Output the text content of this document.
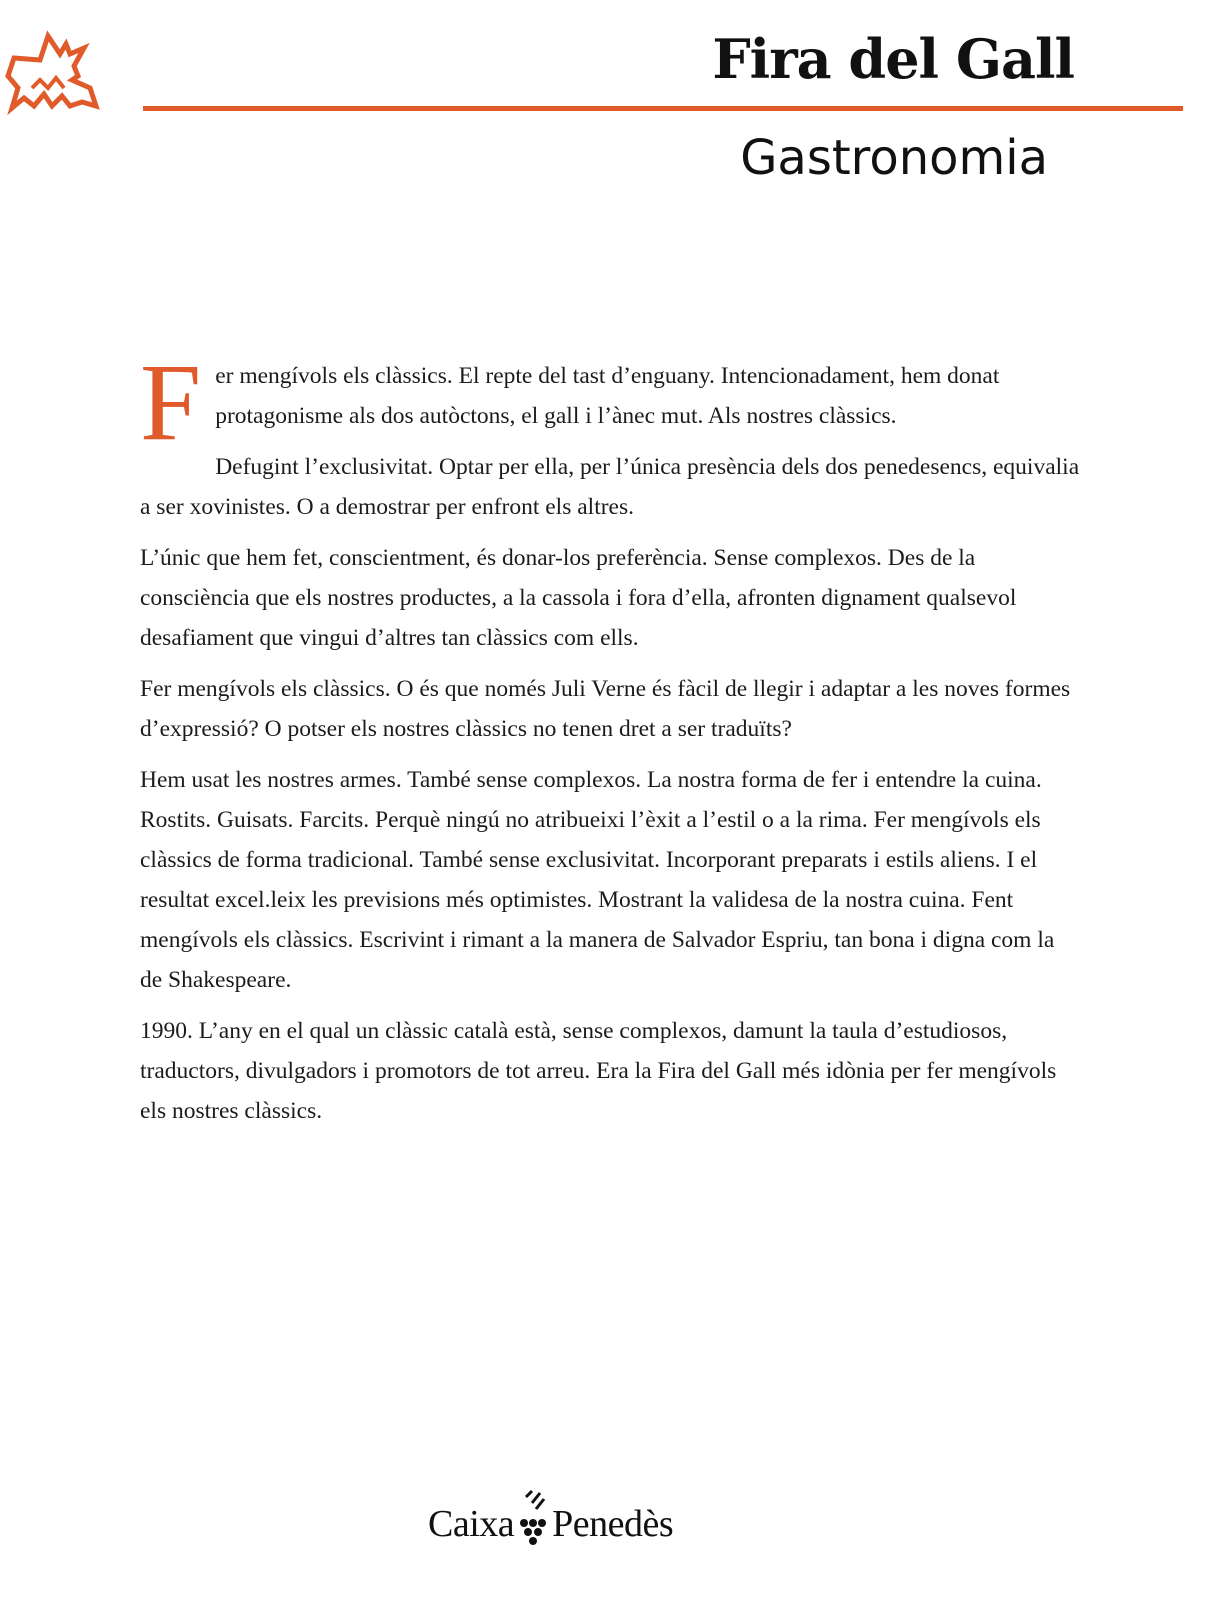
Fira del Gall
Gastronomia

Fer mengívols els clàssics. El repte del tast d’enguany. Intencionadament, hem donat protagonisme als dos autòctons, el gall i l’ànec mut. Als nostres clàssics.

Defugint l’exclusivitat. Optar per ella, per l’única presència dels dos penedesencs, equivalia a ser xovinistes. O a demostrar per enfront els altres.

L’únic que hem fet, conscientment, és donar-los preferència. Sense complexos. Des de la consciència que els nostres productes, a la cassola i fora d’ella, afronten dignament qualsevol desafiament que vingui d’altres tan clàssics com ells.

Fer mengívols els clàssics. O és que només Juli Verne és fàcil de llegir i adaptar a les noves formes d’expressió? O potser els nostres clàssics no tenen dret a ser traduïts?

Hem usat les nostres armes. També sense complexos. La nostra forma de fer i entendre la cuina. Rostits. Guisats. Farcits. Perquè ningú no atribueixi l’èxit a l’estil o a la rima. Fer mengívols els clàssics de forma tradicional. També sense exclusivitat. Incorporant preparats i estils aliens. I el resultat excel.leix les previsions més optimistes. Mostrant la validesa de la nostra cuina. Fent mengívols els clàssics. Escrivint i rimant a la manera de Salvador Espriu, tan bona i digna com la de Shakespeare.

1990. L’any en el qual un clàssic català està, sense complexos, damunt la taula d’estudiosos, traductors, divulgadors i promotors de tot arreu. Era la Fira del Gall més idònia per fer mengívols els nostres clàssics.

Caixa Penedès
